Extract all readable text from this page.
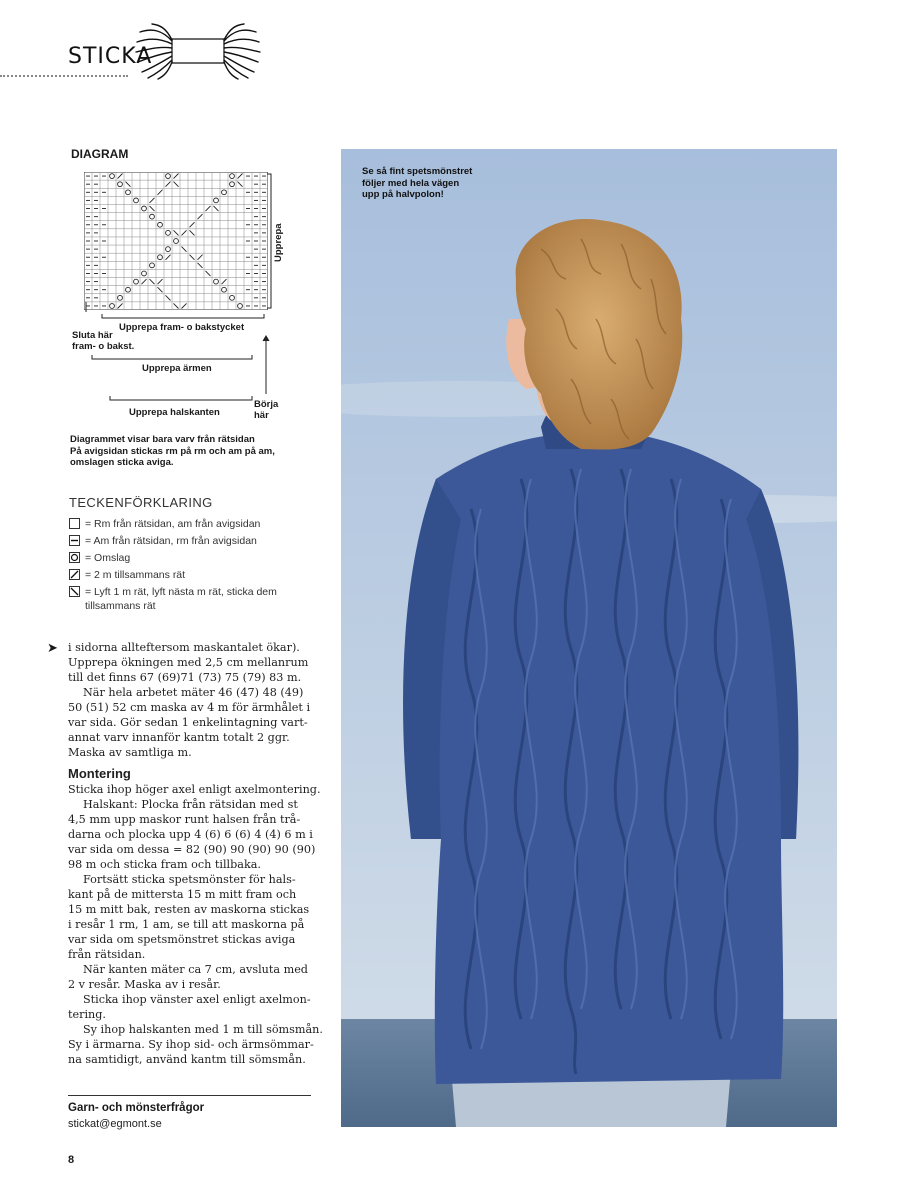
STICKA
DIAGRAM
Upprepa
Sluta här
fram- o bakst.
Upprepa fram- o bakstycket
Upprepa ärmen
Upprepa halskanten
Börja
här
Diagrammet visar bara varv från rätsidan
På avigsidan stickas rm på rm och am på am,
omslagen sticka aviga.
TECKENFÖRKLARING
= Rm från rätsidan, am från avigsidan
= Am från rätsidan, rm från avigsidan
= Omslag
= 2 m tillsammans rät
= Lyft 1 m rät, lyft nästa m rät, sticka dem
tillsammans rät
➤ i sidorna allteftersom maskantalet ökar).

Upprepa ökningen med 2,5 cm mellanrum

till det finns 67 (69)71 (73) 75 (79) 83 m.

När hela arbetet mäter 46 (47) 48 (49)

50 (51) 52 cm maska av 4 m för ärmhålet i

var sida. Gör sedan 1 enkelintagning vart-

annat varv innanför kantm totalt 2 ggr.

Maska av samtliga m.

Montering

Sticka ihop höger axel enligt axelmontering.

Halskant: Plocka från rätsidan med st

4,5 mm upp maskor runt halsen från trå-

darna och plocka upp 4 (6) 6 (6) 4 (4) 6 m i

var sida om dessa = 82 (90) 90 (90) 90 (90)

98 m och sticka fram och tillbaka.

Fortsätt sticka spetsmönster för hals-

kant på de mittersta 15 m mitt fram och

15 m mitt bak, resten av maskorna stickas

i resår 1 rm, 1 am, se till att maskorna på

var sida om spetsmönstret stickas aviga

från rätsidan.

När kanten mäter ca 7 cm, avsluta med

2 v resår. Maska av i resår.

Sticka ihop vänster axel enligt axelmon-

tering.

Sy ihop halskanten med 1 m till sömsmån.

Sy i ärmarna. Sy ihop sid- och ärmsömmar-

na samtidigt, använd kantm till sömsmån.

Garn- och mönsterfrågor
stickat@egmont.se
8
Se så fint spetsmönstret
följer med hela vägen
upp på halvpolon!
